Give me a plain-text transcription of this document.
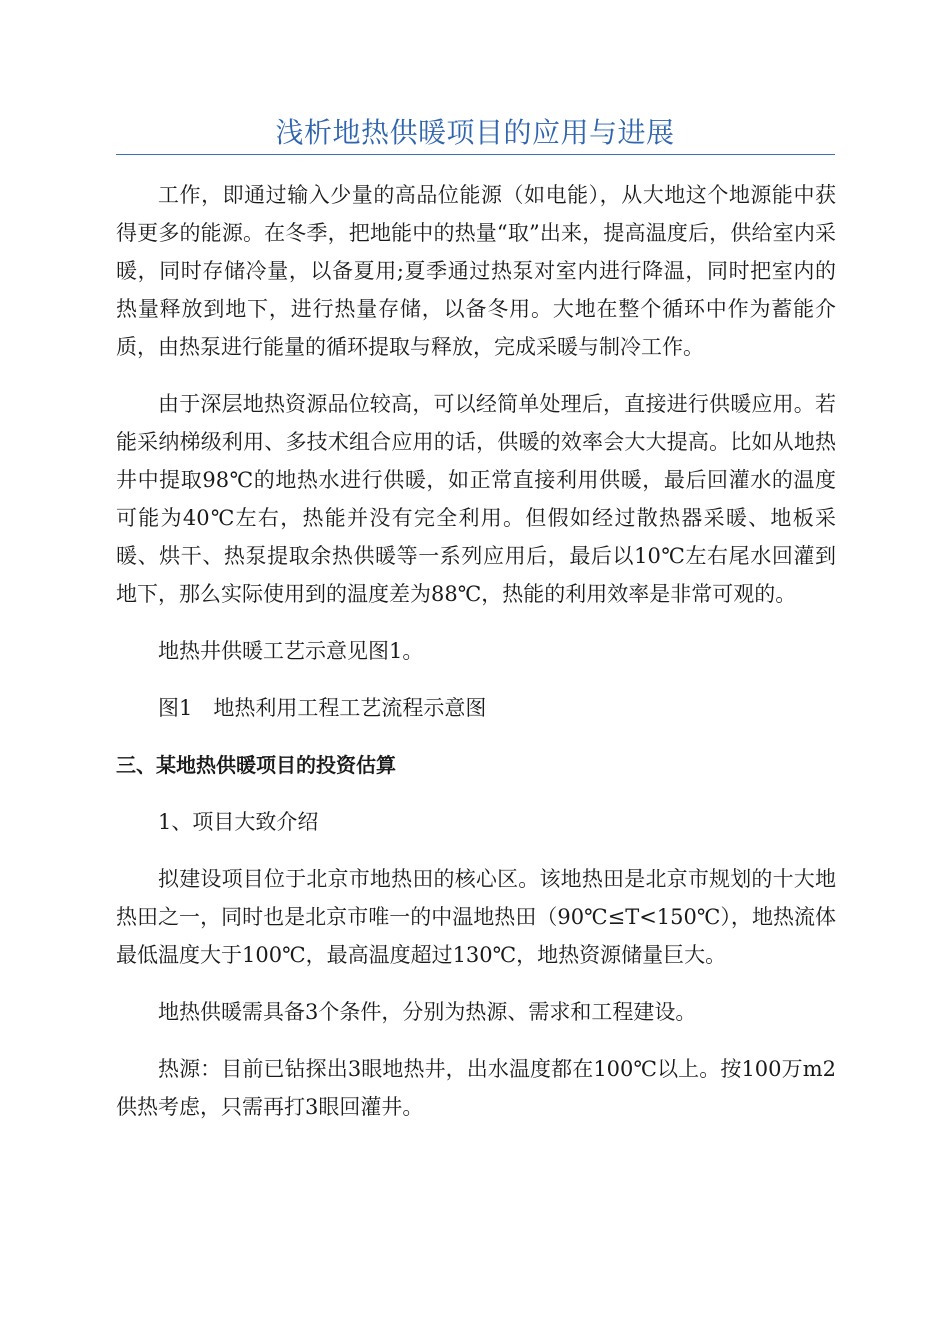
浅析地热供暖项目的应用与进展

工作，即通过输入少量的高品位能源（如电能），从大地这个地源能中获得更多的能源。在冬季，把地能中的热量“取”出来，提高温度后，供给室内采暖，同时存储冷量，以备夏用;夏季通过热泵对室内进行降温，同时把室内的热量释放到地下，进行热量存储，以备冬用。大地在整个循环中作为蓄能介质，由热泵进行能量的循环提取与释放，完成采暖与制冷工作。

由于深层地热资源品位较高，可以经简单处理后，直接进行供暖应用。若能采纳梯级利用、多技术组合应用的话，供暖的效率会大大提高。比如从地热井中提取98℃的地热水进行供暖，如正常直接利用供暖，最后回灌水的温度可能为40℃左右，热能并没有完全利用。但假如经过散热器采暖、地板采暖、烘干、热泵提取余热供暖等一系列应用后，最后以10℃左右尾水回灌到地下，那么实际使用到的温度差为88℃，热能的利用效率是非常可观的。

地热井供暖工艺示意见图1。

图1　地热利用工程工艺流程示意图

三、某地热供暖项目的投资估算

1、项目大致介绍

拟建设项目位于北京市地热田的核心区。该地热田是北京市规划的十大地热田之一，同时也是北京市唯一的中温地热田（90℃≤T<150℃），地热流体最低温度大于100℃，最高温度超过130℃，地热资源储量巨大。

地热供暖需具备3个条件，分别为热源、需求和工程建设。

热源：目前已钻探出3眼地热井，出水温度都在100℃以上。按100万m2供热考虑，只需再打3眼回灌井。
